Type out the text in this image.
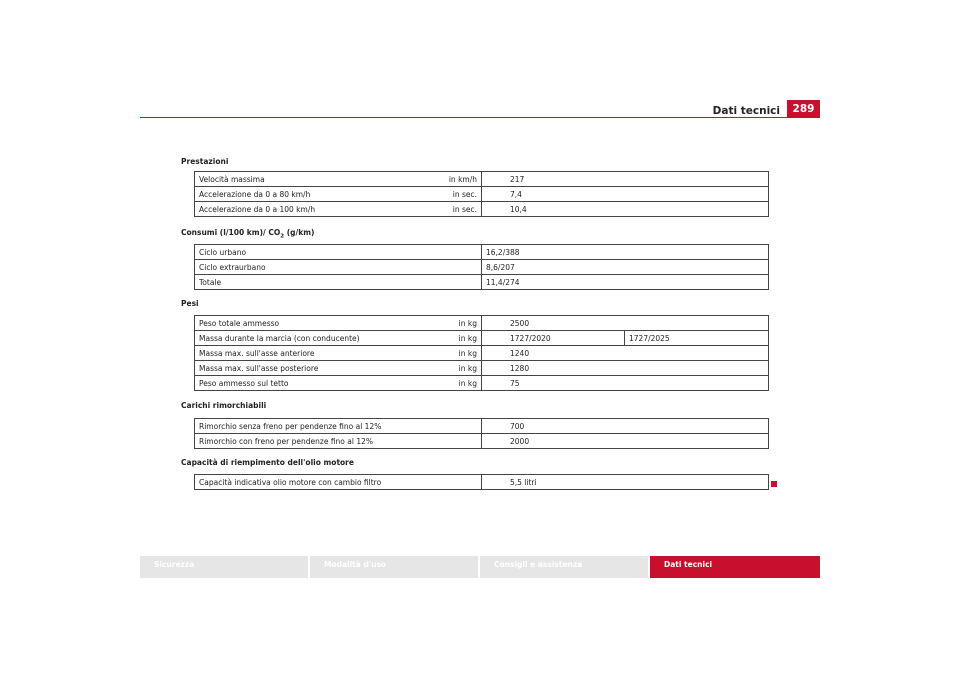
Dati tecnici	289
Prestazioni
Velocità massima	in km/h	217
Accelerazione da 0 a 80 km/h	in sec.	7,4
Accelerazione da 0 a 100 km/h	in sec.	10,4
Consumi (l/100 km)/ $CO_2$ (g/km)
Ciclo urbano	16,2/388
Ciclo extraurbano	8,6/207
Totale	11,4/274
Pesi
Peso totale ammesso	in kg	2500	
Massa durante la marcia (con conducente)	in kg	1727/2020	1727/2025
Massa max. sull'asse anteriore	in kg	1240	
Massa max. sull'asse posteriore	in kg	1280	
Peso ammesso sul tetto	in kg	75	
Carichi rimorchiabili
Rimorchio senza freno per pendenze fino al 12%	700
Rimorchio con freno per pendenze fino al 12%	2000
Capacità di riempimento dell'olio motore
Capacità indicativa olio motore con cambio filtro	5,5 litri
Sicurezza	Modalità d'uso	Consigli e assistenza	Dati tecnici
